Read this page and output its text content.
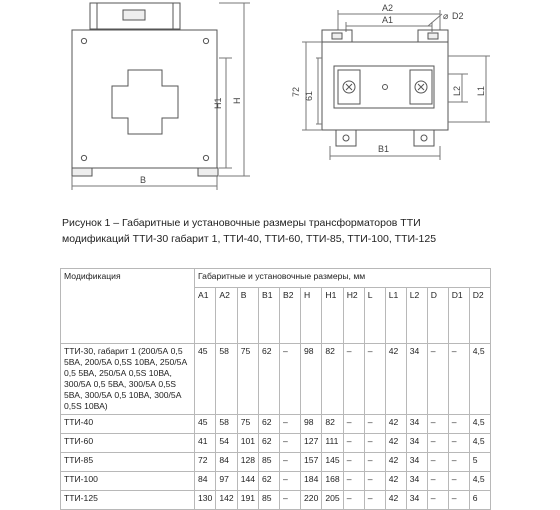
H1 H
B
A2
A1	D2
72 61	L2 L1
B1
⌀
Рисунок 1 – Габаритные и установочные размеры трансформаторов ТТИ
модификаций ТТИ-30 габарит 1, ТТИ-40, ТТИ-60, ТТИ-85, ТТИ-100, ТТИ-125
Модификация	Габаритные и установочные размеры, мм													
	A1	A2	B	B1	B2	H	H1	H2	L	L1	L2	D	D1	D2
ТТИ-30, габарит 1 (200/5А 0,5 5ВА, 200/5А 0,5S 10ВА, 250/5А 0,5 5ВА, 250/5А 0,5S 10ВА, 300/5А 0,5 5ВА, 300/5А 0,5S 5ВА, 300/5А 0,5 10ВА, 300/5А 0,5S 10ВА)	45	58	75	62	–	98	82	–	–	42	34	–	–	4,5
ТТИ-40	45	58	75	62	–	98	82	–	–	42	34	–	–	4,5
ТТИ-60	41	54	101	62	–	127	111	–	–	42	34	–	–	4,5
ТТИ-85	72	84	128	85	–	157	145	–	–	42	34	–	–	5
ТТИ-100	84	97	144	62	–	184	168	–	–	42	34	–	–	4,5
ТТИ-125	130	142	191	85	–	220	205	–	–	42	34	–	–	6
